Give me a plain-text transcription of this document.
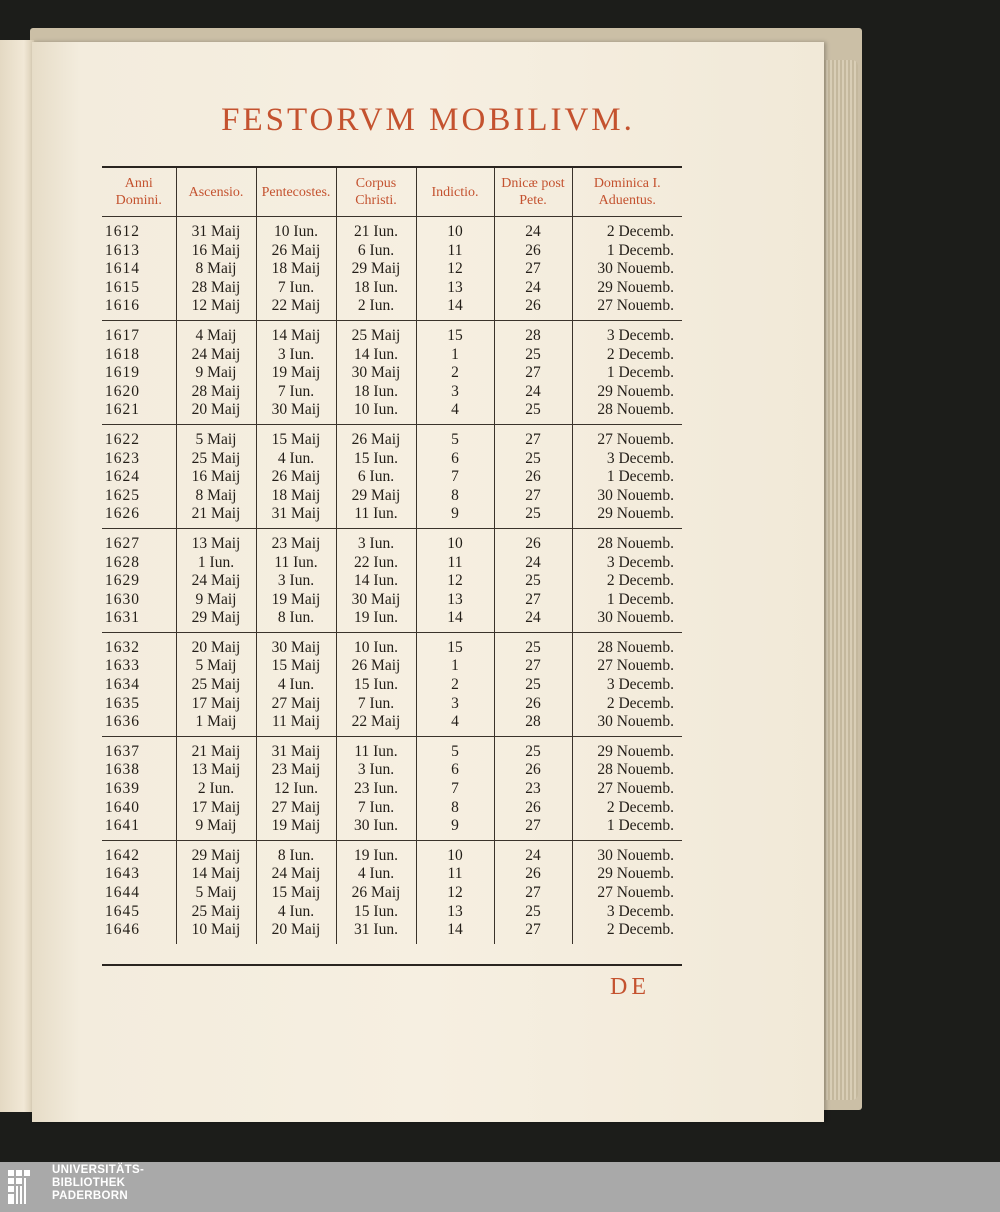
FESTORVM MOBILIVM.
Anni Domini.	Ascensio.	Pentecostes.	Corpus Christi.	Indictio.	Dnicæ post Pete.	Dominica I. Aduentus.
1612	31 Maij	10 Iun.	21 Iun.	10	24	2 Decemb.
1613	16 Maij	26 Maij	6 Iun.	11	26	1 Decemb.
1614	8 Maij	18 Maij	29 Maij	12	27	30 Nouemb.
1615	28 Maij	7 Iun.	18 Iun.	13	24	29 Nouemb.
1616	12 Maij	22 Maij	2 Iun.	14	26	27 Nouemb.
1617	4 Maij	14 Maij	25 Maij	15	28	3 Decemb.
1618	24 Maij	3 Iun.	14 Iun.	1	25	2 Decemb.
1619	9 Maij	19 Maij	30 Maij	2	27	1 Decemb.
1620	28 Maij	7 Iun.	18 Iun.	3	24	29 Nouemb.
1621	20 Maij	30 Maij	10 Iun.	4	25	28 Nouemb.
1622	5 Maij	15 Maij	26 Maij	5	27	27 Nouemb.
1623	25 Maij	4 Iun.	15 Iun.	6	25	3 Decemb.
1624	16 Maij	26 Maij	6 Iun.	7	26	1 Decemb.
1625	8 Maij	18 Maij	29 Maij	8	27	30 Nouemb.
1626	21 Maij	31 Maij	11 Iun.	9	25	29 Nouemb.
1627	13 Maij	23 Maij	3 Iun.	10	26	28 Nouemb.
1628	1 Iun.	11 Iun.	22 Iun.	11	24	3 Decemb.
1629	24 Maij	3 Iun.	14 Iun.	12	25	2 Decemb.
1630	9 Maij	19 Maij	30 Maij	13	27	1 Decemb.
1631	29 Maij	8 Iun.	19 Iun.	14	24	30 Nouemb.
1632	20 Maij	30 Maij	10 Iun.	15	25	28 Nouemb.
1633	5 Maij	15 Maij	26 Maij	1	27	27 Nouemb.
1634	25 Maij	4 Iun.	15 Iun.	2	25	3 Decemb.
1635	17 Maij	27 Maij	7 Iun.	3	26	2 Decemb.
1636	1 Maij	11 Maij	22 Maij	4	28	30 Nouemb.
1637	21 Maij	31 Maij	11 Iun.	5	25	29 Nouemb.
1638	13 Maij	23 Maij	3 Iun.	6	26	28 Nouemb.
1639	2 Iun.	12 Iun.	23 Iun.	7	23	27 Nouemb.
1640	17 Maij	27 Maij	7 Iun.	8	26	2 Decemb.
1641	9 Maij	19 Maij	30 Iun.	9	27	1 Decemb.
1642	29 Maij	8 Iun.	19 Iun.	10	24	30 Nouemb.
1643	14 Maij	24 Maij	4 Iun.	11	26	29 Nouemb.
1644	5 Maij	15 Maij	26 Maij	12	27	27 Nouemb.
1645	25 Maij	4 Iun.	15 Iun.	13	25	3 Decemb.
1646	10 Maij	20 Maij	31 Iun.	14	27	2 Decemb.

DE

UNIVERSITÄTS-
BIBLIOTHEK
PADERBORN
